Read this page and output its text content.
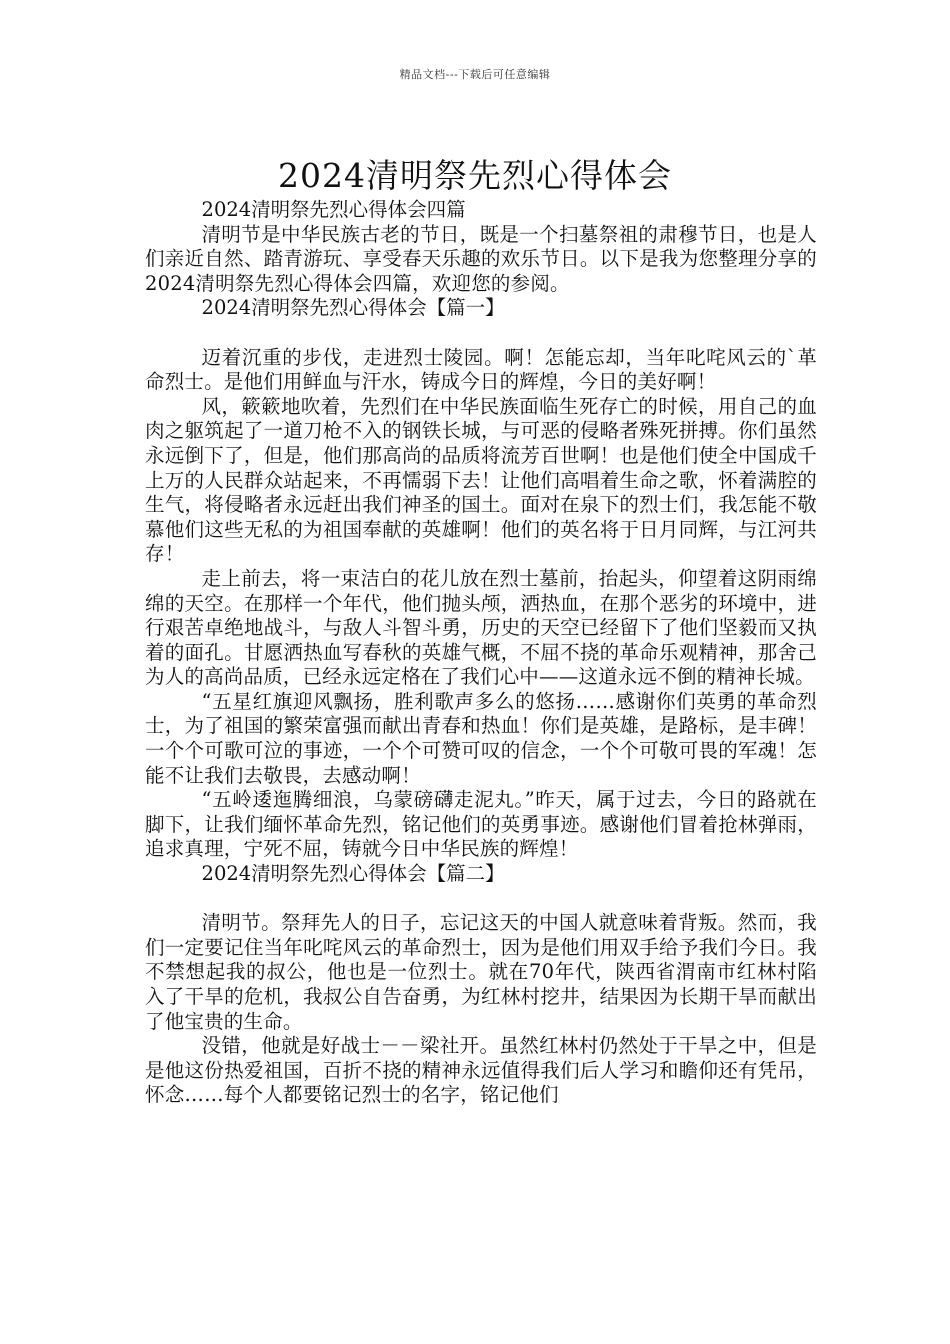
精品文档---下载后可任意编辑
2024清明祭先烈心得体会

2024清明祭先烈心得体会四篇

清明节是中华民族古老的节日，既是一个扫墓祭祖的肃穆节日，也是人们亲近自然、踏青游玩、享受春天乐趣的欢乐节日。以下是我为您整理分享的2024清明祭先烈心得体会四篇，欢迎您的参阅。

2024清明祭先烈心得体会【篇一】

迈着沉重的步伐，走进烈士陵园。啊！怎能忘却，当年叱咤风云的`革命烈士。是他们用鲜血与汗水，铸成今日的辉煌，今日的美好啊！

风，簌簌地吹着，先烈们在中华民族面临生死存亡的时候，用自己的血肉之躯筑起了一道刀枪不入的钢铁长城，与可恶的侵略者殊死拼搏。你们虽然永远倒下了，但是，他们那高尚的品质将流芳百世啊！也是他们使全中国成千上万的人民群众站起来，不再懦弱下去！让他们高唱着生命之歌，怀着满腔的生气，将侵略者永远赶出我们神圣的国土。面对在泉下的烈士们，我怎能不敬慕他们这些无私的为祖国奉献的英雄啊！他们的英名将于日月同辉，与江河共存！

走上前去，将一束洁白的花儿放在烈士墓前，抬起头，仰望着这阴雨绵绵的天空。在那样一个年代，他们抛头颅，洒热血，在那个恶劣的环境中，进行艰苦卓绝地战斗，与敌人斗智斗勇，历史的天空已经留下了他们坚毅而又执着的面孔。甘愿洒热血写春秋的英雄气概，不屈不挠的革命乐观精神，那舍己为人的高尚品质，已经永远定格在了我们心中——这道永远不倒的精神长城。

“五星红旗迎风飘扬，胜利歌声多么的悠扬……感谢你们英勇的革命烈士，为了祖国的繁荣富强而献出青春和热血！你们是英雄，是路标，是丰碑！一个个可歌可泣的事迹，一个个可赞可叹的信念，一个个可敬可畏的军魂！怎能不让我们去敬畏，去感动啊！

“五岭逶迤腾细浪，乌蒙磅礴走泥丸。”昨天，属于过去，今日的路就在脚下，让我们缅怀革命先烈，铭记他们的英勇事迹。感谢他们冒着抢林弹雨，追求真理，宁死不屈，铸就今日中华民族的辉煌！

2024清明祭先烈心得体会【篇二】

清明节。祭拜先人的日子，忘记这天的中国人就意味着背叛。然而，我们一定要记住当年叱咤风云的革命烈士，因为是他们用双手给予我们今日。我不禁想起我的叔公，他也是一位烈士。就在70年代，陕西省渭南市红林村陷入了干旱的危机，我叔公自告奋勇，为红林村挖井，结果因为长期干旱而献出了他宝贵的生命。

没错，他就是好战士－－梁社开。虽然红林村仍然处于干旱之中，但是是他这份热爱祖国，百折不挠的精神永远值得我们后人学习和瞻仰还有凭吊，怀念……每个人都要铭记烈士的名字，铭记他们
